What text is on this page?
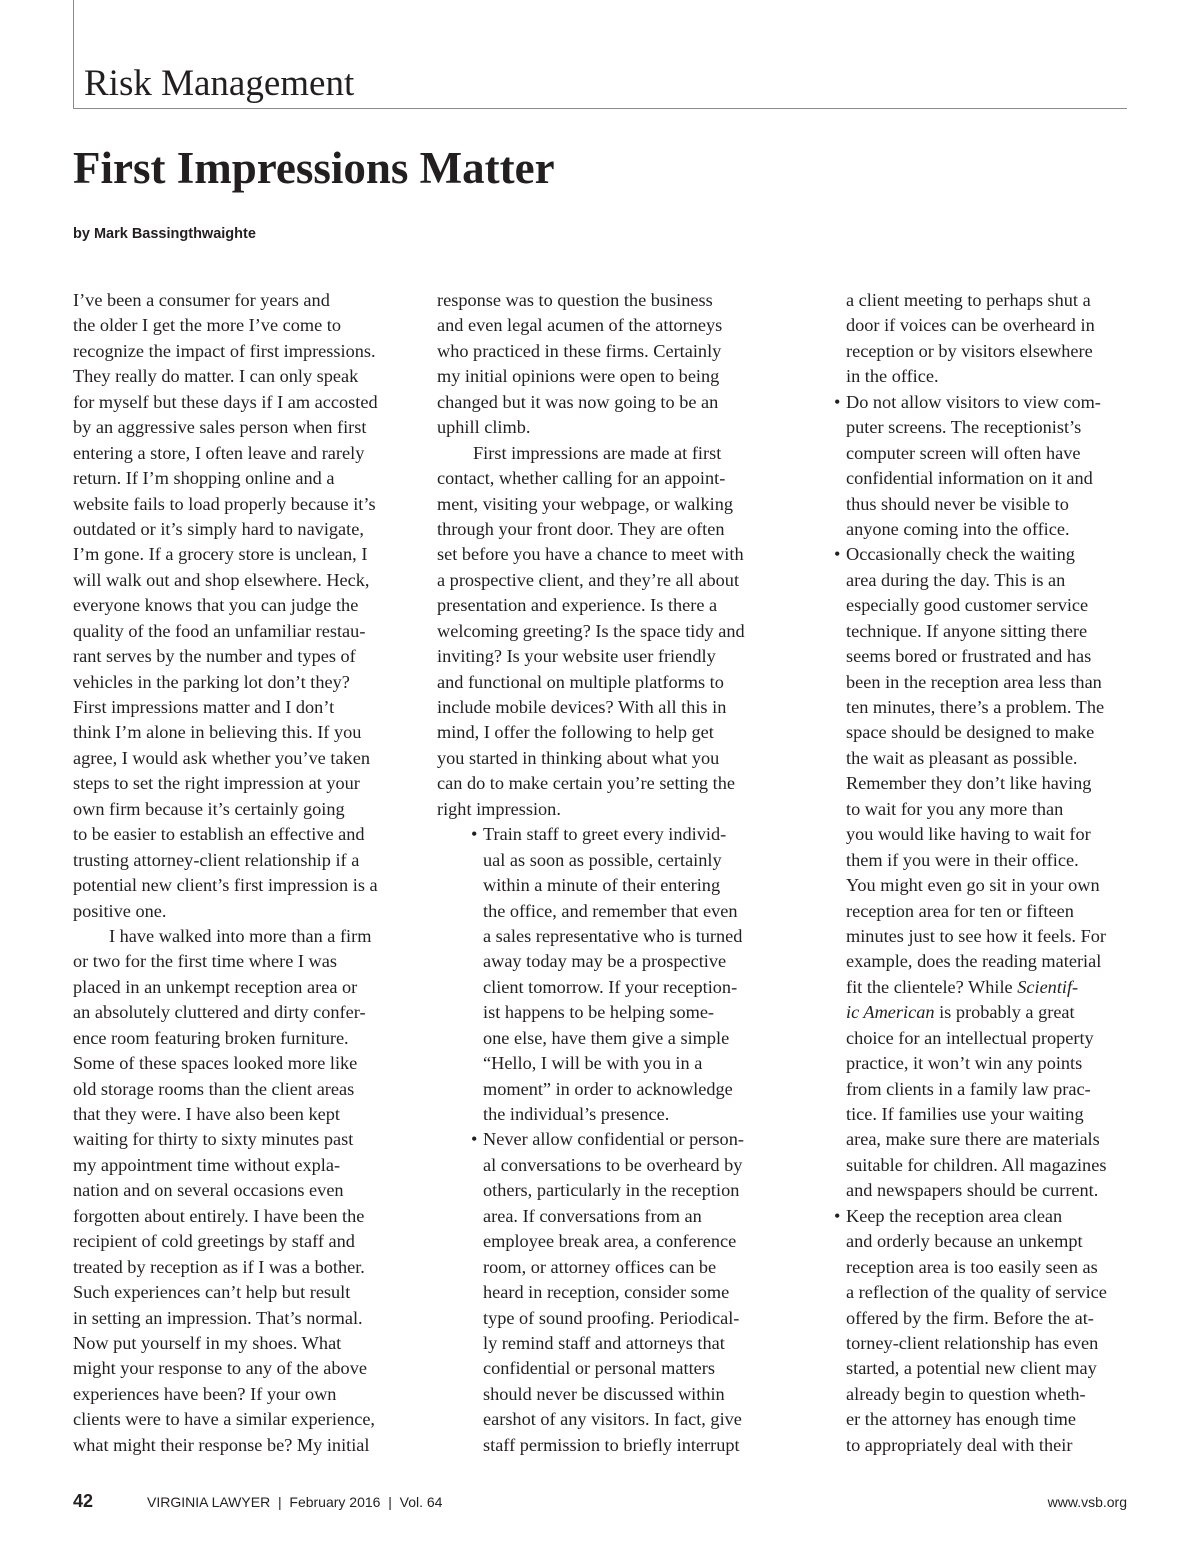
Risk Management
First Impressions Matter
by Mark Bassingthwaighte
I’ve been a consumer for years and
the older I get the more I’ve come to
recognize the impact of first impressions.
They really do matter. I can only speak
for myself but these days if I am accosted
by an aggressive sales person when first
entering a store, I often leave and rarely
return. If I’m shopping online and a
website fails to load properly because it’s
outdated or it’s simply hard to navigate,
I’m gone. If a grocery store is unclean, I
will walk out and shop elsewhere. Heck,
everyone knows that you can judge the
quality of the food an unfamiliar restau-
rant serves by the number and types of
vehicles in the parking lot don’t they?
First impressions matter and I don’t
think I’m alone in believing this. If you
agree, I would ask whether you’ve taken
steps to set the right impression at your
own firm because it’s certainly going
to be easier to establish an effective and
trusting attorney-client relationship if a
potential new client’s first impression is a
positive one.
I have walked into more than a firm
or two for the first time where I was
placed in an unkempt reception area or
an absolutely cluttered and dirty confer-
ence room featuring broken furniture.
Some of these spaces looked more like
old storage rooms than the client areas
that they were. I have also been kept
waiting for thirty to sixty minutes past
my appointment time without expla-
nation and on several occasions even
forgotten about entirely. I have been the
recipient of cold greetings by staff and
treated by reception as if I was a bother.
Such experiences can’t help but result
in setting an impression. That’s normal.
Now put yourself in my shoes. What
might your response to any of the above
experiences have been? If your own
clients were to have a similar experience,
what might their response be? My initial
response was to question the business
and even legal acumen of the attorneys
who practiced in these firms. Certainly
my initial opinions were open to being
changed but it was now going to be an
uphill climb.
First impressions are made at first
contact, whether calling for an appoint-
ment, visiting your webpage, or walking
through your front door. They are often
set before you have a chance to meet with
a prospective client, and they’re all about
presentation and experience. Is there a
welcoming greeting? Is the space tidy and
inviting? Is your website user friendly
and functional on multiple platforms to
include mobile devices? With all this in
mind, I offer the following to help get
you started in thinking about what you
can do to make certain you’re setting the
right impression.
• Train staff to greet every individ-
ual as soon as possible, certainly
within a minute of their entering
the office, and remember that even
a sales representative who is turned
away today may be a prospective
client tomorrow. If your reception-
ist happens to be helping some-
one else, have them give a simple
“Hello, I will be with you in a
moment” in order to acknowledge
the individual’s presence.
• Never allow confidential or person-
al conversations to be overheard by
others, particularly in the reception
area. If conversations from an
employee break area, a conference
room, or attorney offices can be
heard in reception, consider some
type of sound proofing. Periodical-
ly remind staff and attorneys that
confidential or personal matters
should never be discussed within
earshot of any visitors. In fact, give
staff permission to briefly interrupt
a client meeting to perhaps shut a
door if voices can be overheard in
reception or by visitors elsewhere
in the office.
• Do not allow visitors to view com-
puter screens. The receptionist’s
computer screen will often have
confidential information on it and
thus should never be visible to
anyone coming into the office.
• Occasionally check the waiting
area during the day. This is an
especially good customer service
technique. If anyone sitting there
seems bored or frustrated and has
been in the reception area less than
ten minutes, there’s a problem. The
space should be designed to make
the wait as pleasant as possible.
Remember they don’t like having
to wait for you any more than
you would like having to wait for
them if you were in their office.
You might even go sit in your own
reception area for ten or fifteen
minutes just to see how it feels. For
example, does the reading material
fit the clientele? While Scientif-
ic American is probably a great
choice for an intellectual property
practice, it won’t win any points
from clients in a family law prac-
tice. If families use your waiting
area, make sure there are materials
suitable for children. All magazines
and newspapers should be current.
• Keep the reception area clean
and orderly because an unkempt
reception area is too easily seen as
a reflection of the quality of service
offered by the firm. Before the at-
torney-client relationship has even
started, a potential new client may
already begin to question wheth-
er the attorney has enough time
to appropriately deal with their
42	VIRGINIA LAWYER | February 2016 | Vol. 64	www.vsb.org
